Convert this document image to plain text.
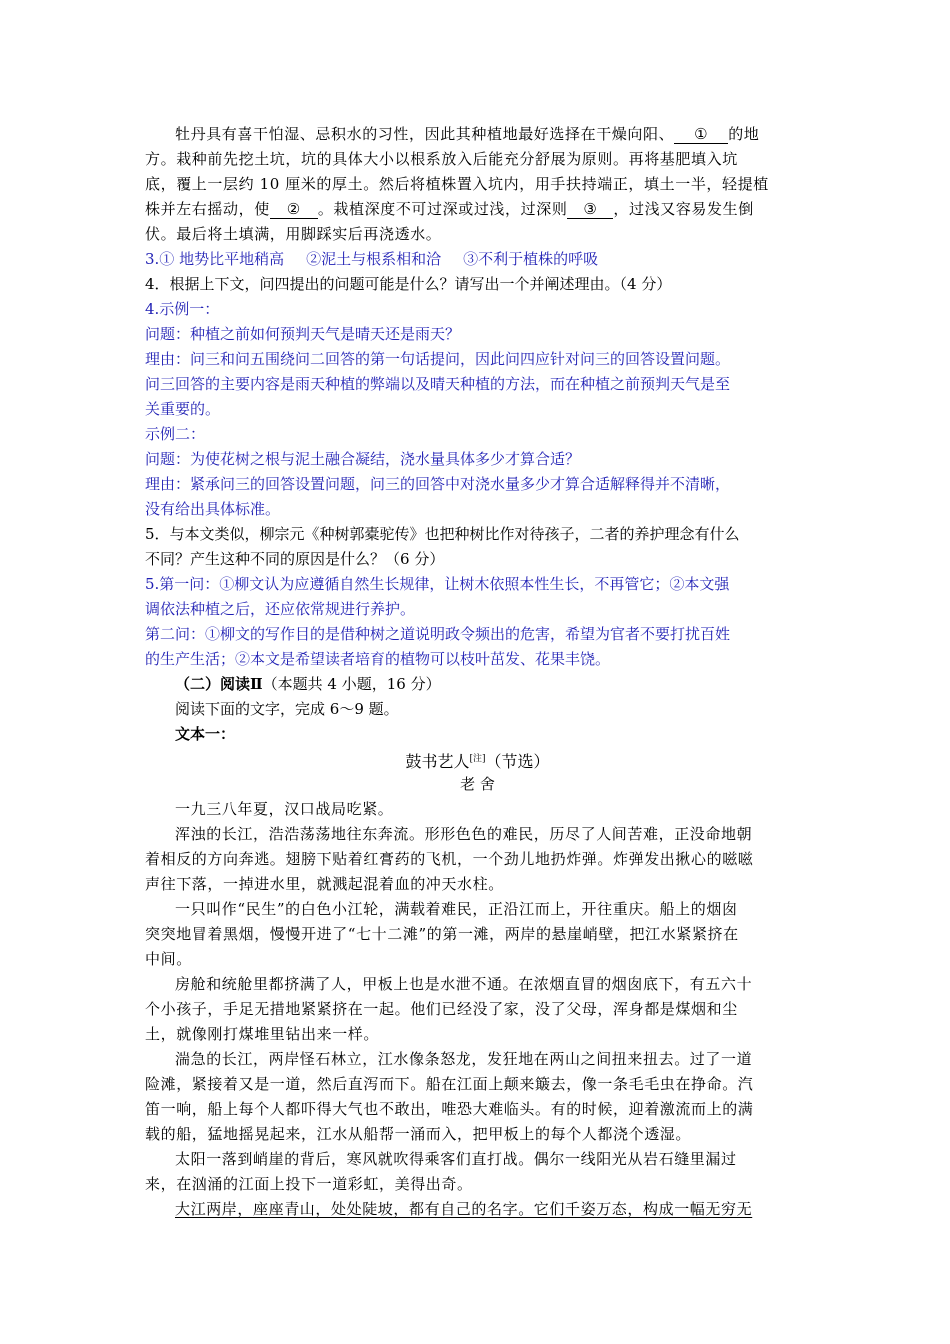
牡丹具有喜干怕湿、忌积水的习性，因此其种植地最好选择在干燥向阳、 ① 的地
方。栽种前先挖土坑，坑的具体大小以根系放入后能充分舒展为原则。再将基肥填入坑
底，覆上一层约 10 厘米的厚土。然后将植株置入坑内，用手扶持端正，填土一半，轻提植
株并左右摇动，使 ② 。栽植深度不可过深或过浅，过深则 ③ ，过浅又容易发生倒
伏。最后将土填满，用脚踩实后再浇透水。
3.① 地势比平地稍高 ②泥土与根系相和洽 ③不利于植株的呼吸
4．根据上下文，问四提出的问题可能是什么？请写出一个并阐述理由。（4 分）
4.示例一：
问题：种植之前如何预判天气是晴天还是雨天？
理由：问三和问五围绕问二回答的第一句话提问，因此问四应针对问三的回答设置问题。
问三回答的主要内容是雨天种植的弊端以及晴天种植的方法，而在种植之前预判天气是至
关重要的。
示例二：
问题：为使花树之根与泥土融合凝结，浇水量具体多少才算合适？
理由：紧承问三的回答设置问题，问三的回答中对浇水量多少才算合适解释得并不清晰，
没有给出具体标准。
5．与本文类似，柳宗元《种树郭橐驼传》也把种树比作对待孩子，二者的养护理念有什么
不同？产生这种不同的原因是什么？（6 分）
5.第一问：①柳文认为应遵循自然生长规律，让树木依照本性生长，不再管它；②本文强
调依法种植之后，还应依常规进行养护。
第二问：①柳文的写作目的是借种树之道说明政令频出的危害，希望为官者不要打扰百姓
的生产生活；②本文是希望读者培育的植物可以枝叶茁发、花果丰饶。
（二）阅读Ⅱ（本题共 4 小题，16 分）
阅读下面的文字，完成 6～9 题。
文本一：
鼓书艺人[注]（节选）
老 舍
一九三八年夏，汉口战局吃紧。
浑浊的长江，浩浩荡荡地往东奔流。形形色色的难民，历尽了人间苦难，正没命地朝
着相反的方向奔逃。翅膀下贴着红膏药的飞机，一个劲儿地扔炸弹。炸弹发出揪心的嗞嗞
声往下落，一掉进水里，就溅起混着血的冲天水柱。
一只叫作“民生”的白色小江轮，满载着难民，正沿江而上，开往重庆。船上的烟囱
突突地冒着黑烟，慢慢开进了“七十二滩”的第一滩，两岸的悬崖峭壁，把江水紧紧挤在
中间。
房舱和统舱里都挤满了人，甲板上也是水泄不通。在浓烟直冒的烟囱底下，有五六十
个小孩子，手足无措地紧紧挤在一起。他们已经没了家，没了父母，浑身都是煤烟和尘
土，就像刚打煤堆里钻出来一样。
湍急的长江，两岸怪石林立，江水像条怒龙，发狂地在两山之间扭来扭去。过了一道
险滩，紧接着又是一道，然后直泻而下。船在江面上颠来簸去，像一条毛毛虫在挣命。汽
笛一响，船上每个人都吓得大气也不敢出，唯恐大难临头。有的时候，迎着激流而上的满
载的船，猛地摇晃起来，江水从船帮一涌而入，把甲板上的每个人都浇个透湿。
太阳一落到峭崖的背后，寒风就吹得乘客们直打战。偶尔一线阳光从岩石缝里漏过
来，在汹涌的江面上投下一道彩虹，美得出奇。
大江两岸，座座青山，处处陡坡，都有自己的名字。它们千姿万态，构成一幅无穷无
